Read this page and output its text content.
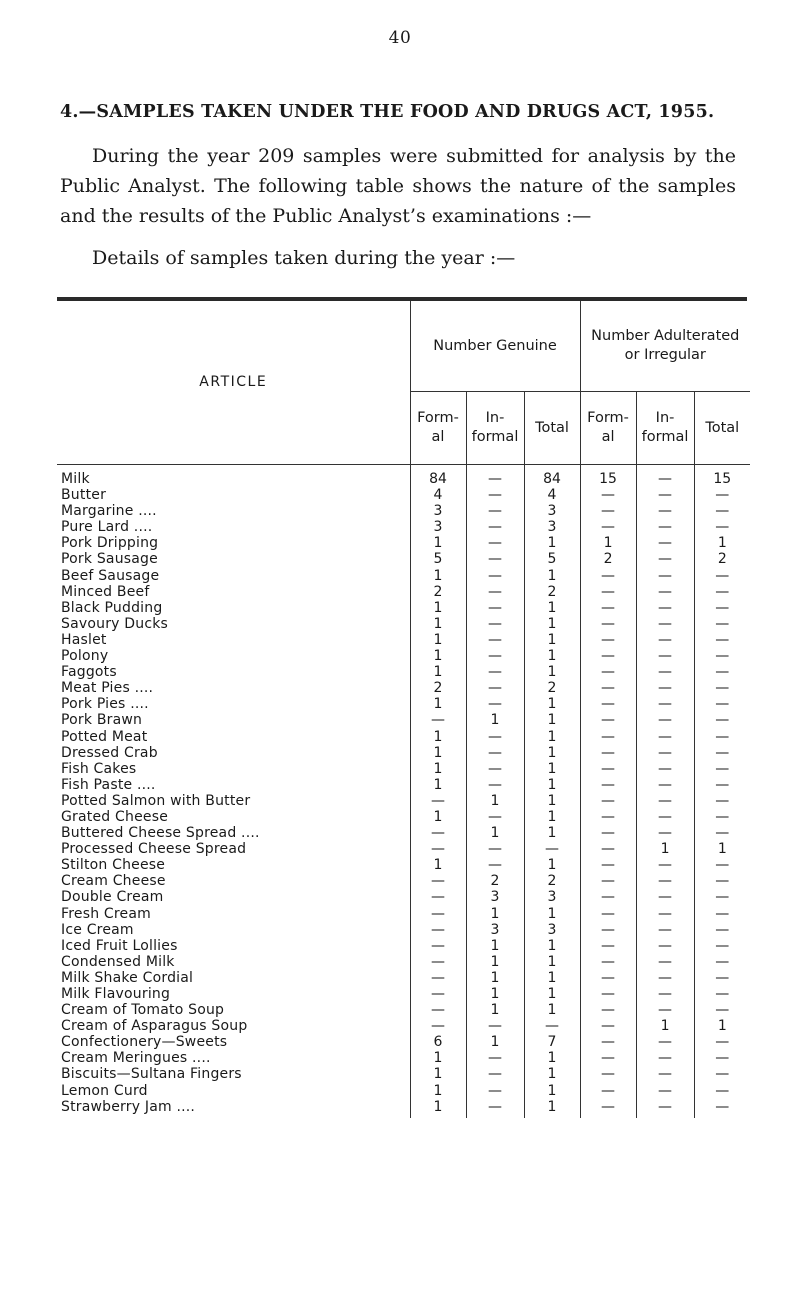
40
4.—SAMPLES TAKEN UNDER THE FOOD AND DRUGS ACT, 1955.
During the year 209 samples were submitted for analysis by the Public Analyst. The following table shows the nature of the samples and the results of the Public Analyst’s examinations :—
Details of samples taken during the year :—
ARTICLE	Number Genuine			Number Adulterated or Irregular		
	Form-al	In-formal	Total	Form-al	In-formal	Total
Milk	84	—	84	15	—	15
Butter	4	—	4	—	—	—
Margarine ....	3	—	3	—	—	—
Pure Lard ....	3	—	3	—	—	—
Pork Dripping	1	—	1	1	—	1
Pork Sausage	5	—	5	2	—	2
Beef Sausage	1	—	1	—	—	—
Minced Beef	2	—	2	—	—	—
Black Pudding	1	—	1	—	—	—
Savoury Ducks	1	—	1	—	—	—
Haslet	1	—	1	—	—	—
Polony	1	—	1	—	—	—
Faggots	1	—	1	—	—	—
Meat Pies ....	2	—	2	—	—	—
Pork Pies ....	1	—	1	—	—	—
Pork Brawn	—	1	1	—	—	—
Potted Meat	1	—	1	—	—	—
Dressed Crab	1	—	1	—	—	—
Fish Cakes	1	—	1	—	—	—
Fish Paste ....	1	—	1	—	—	—
Potted Salmon with Butter	—	1	1	—	—	—
Grated Cheese	1	—	1	—	—	—
Buttered Cheese Spread ....	—	1	1	—	—	—
Processed Cheese Spread	—	—	—	—	1	1
Stilton Cheese	1	—	1	—	—	—
Cream Cheese	—	2	2	—	—	—
Double Cream	—	3	3	—	—	—
Fresh Cream	—	1	1	—	—	—
Ice Cream	—	3	3	—	—	—
Iced Fruit Lollies	—	1	1	—	—	—
Condensed Milk	—	1	1	—	—	—
Milk Shake Cordial	—	1	1	—	—	—
Milk Flavouring	—	1	1	—	—	—
Cream of Tomato Soup	—	1	1	—	—	—
Cream of Asparagus Soup	—	—	—	—	1	1
Confectionery—Sweets	6	1	7	—	—	—
Cream Meringues ....	1	—	1	—	—	—
Biscuits—Sultana Fingers	1	—	1	—	—	—
Lemon Curd	1	—	1	—	—	—
Strawberry Jam ....	1	—	1	—	—	—
